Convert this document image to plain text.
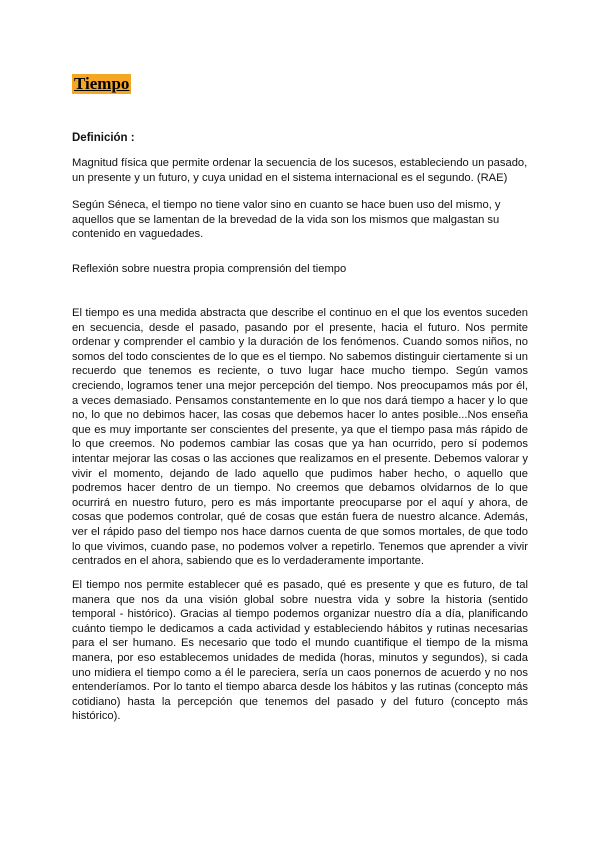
Tiempo
Definición :

Magnitud física que permite ordenar la secuencia de los sucesos, estableciendo un pasado, un presente y un futuro, y cuya unidad en el sistema internacional es el segundo. (RAE)

Según Séneca, el tiempo no tiene valor sino en cuanto se hace buen uso del mismo, y aquellos que se lamentan de la brevedad de la vida son los mismos que malgastan su contenido en vaguedades.

Reflexión sobre nuestra propia comprensión del tiempo

El tiempo es una medida abstracta que describe el continuo en el que los eventos suceden en secuencia, desde el pasado, pasando por el presente, hacia el futuro. Nos permite ordenar y comprender el cambio y la duración de los fenómenos. Cuando somos niños, no somos del todo conscientes de lo que es el tiempo. No sabemos distinguir ciertamente si un recuerdo que tenemos es reciente, o tuvo lugar hace mucho tiempo. Según vamos creciendo, logramos tener una mejor percepción del tiempo. Nos preocupamos más por él, a veces demasiado. Pensamos constantemente en lo que nos dará tiempo a hacer y lo que no, lo que no debimos hacer, las cosas que debemos hacer lo antes posible...Nos enseña que es muy importante ser conscientes del presente, ya que el tiempo pasa más rápido de lo que creemos. No podemos cambiar las cosas que ya han ocurrido, pero sí podemos intentar mejorar las cosas o las acciones que realizamos en el presente. Debemos valorar y vivir el momento, dejando de lado aquello que pudimos haber hecho, o aquello que podremos hacer dentro de un tiempo. No creemos que debamos olvidarnos de lo que ocurrirá en nuestro futuro, pero es más importante preocuparse por el aquí y ahora, de cosas que podemos controlar, qué de cosas que están fuera de nuestro alcance. Además, ver el rápido paso del tiempo nos hace darnos cuenta de que somos mortales, de que todo lo que vivimos, cuando pase, no podemos volver a repetirlo. Tenemos que aprender a vivir centrados en el ahora, sabiendo que es lo verdaderamente importante.

El tiempo nos permite establecer qué es pasado, qué es presente y que es futuro, de tal manera que nos da una visión global sobre nuestra vida y sobre la historia (sentido temporal - histórico). Gracias al tiempo podemos organizar nuestro día a día, planificando cuánto tiempo le dedicamos a cada actividad y estableciendo hábitos y rutinas necesarias para el ser humano. Es necesario que todo el mundo cuantifique el tiempo de la misma manera, por eso establecemos unidades de medida (horas, minutos y segundos), si cada uno midiera el tiempo como a él le pareciera, sería un caos ponernos de acuerdo y no nos entenderíamos. Por lo tanto el tiempo abarca desde los hábitos y las rutinas (concepto más cotidiano) hasta la percepción que tenemos del pasado y del futuro (concepto más histórico).
